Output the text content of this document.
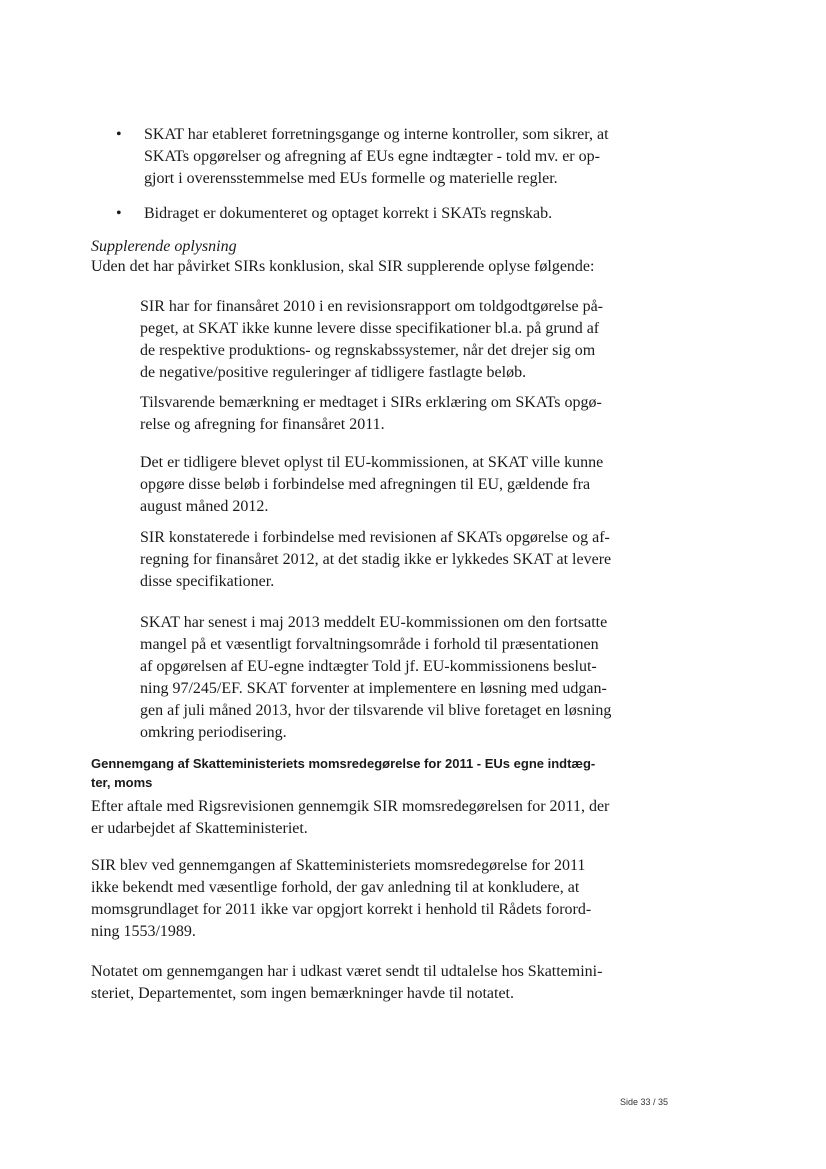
• SKAT har etableret forretningsgange og interne kontroller, som sikrer, at
SKATs opgørelser og afregning af EUs egne indtægter - told mv. er op-
gjort i overensstemmelse med EUs formelle og materielle regler.

• Bidraget er dokumenteret og optaget korrekt i SKATs regnskab.

Supplerende oplysning

Uden det har påvirket SIRs konklusion, skal SIR supplerende oplyse følgende:

SIR har for finansåret 2010 i en revisionsrapport om toldgodtgørelse på-
peget, at SKAT ikke kunne levere disse specifikationer bl.a. på grund af
de respektive produktions- og regnskabssystemer, når det drejer sig om
de negative/positive reguleringer af tidligere fastlagte beløb.

Tilsvarende bemærkning er medtaget i SIRs erklæring om SKATs opgø-
relse og afregning for finansåret 2011.

Det er tidligere blevet oplyst til EU-kommissionen, at SKAT ville kunne
opgøre disse beløb i forbindelse med afregningen til EU, gældende fra
august måned 2012.

SIR konstaterede i forbindelse med revisionen af SKATs opgørelse og af-
regning for finansåret 2012, at det stadig ikke er lykkedes SKAT at levere
disse specifikationer.

SKAT har senest i maj 2013 meddelt EU-kommissionen om den fortsatte
mangel på et væsentligt forvaltningsområde i forhold til præsentationen
af opgørelsen af EU-egne indtægter Told jf. EU-kommissionens beslut-
ning 97/245/EF. SKAT forventer at implementere en løsning med udgan-
gen af juli måned 2013, hvor der tilsvarende vil blive foretaget en løsning
omkring periodisering.

Gennemgang af Skatteministeriets momsredegørelse for 2011 - EUs egne indtæg-
ter, moms

Efter aftale med Rigsrevisionen gennemgik SIR momsredegørelsen for 2011, der
er udarbejdet af Skatteministeriet.

SIR blev ved gennemgangen af Skatteministeriets momsredegørelse for 2011
ikke bekendt med væsentlige forhold, der gav anledning til at konkludere, at
momsgrundlaget for 2011 ikke var opgjort korrekt i henhold til Rådets forord-
ning 1553/1989.

Notatet om gennemgangen har i udkast været sendt til udtalelse hos Skattemini-
steriet, Departementet, som ingen bemærkninger havde til notatet.

Side 33 / 35
